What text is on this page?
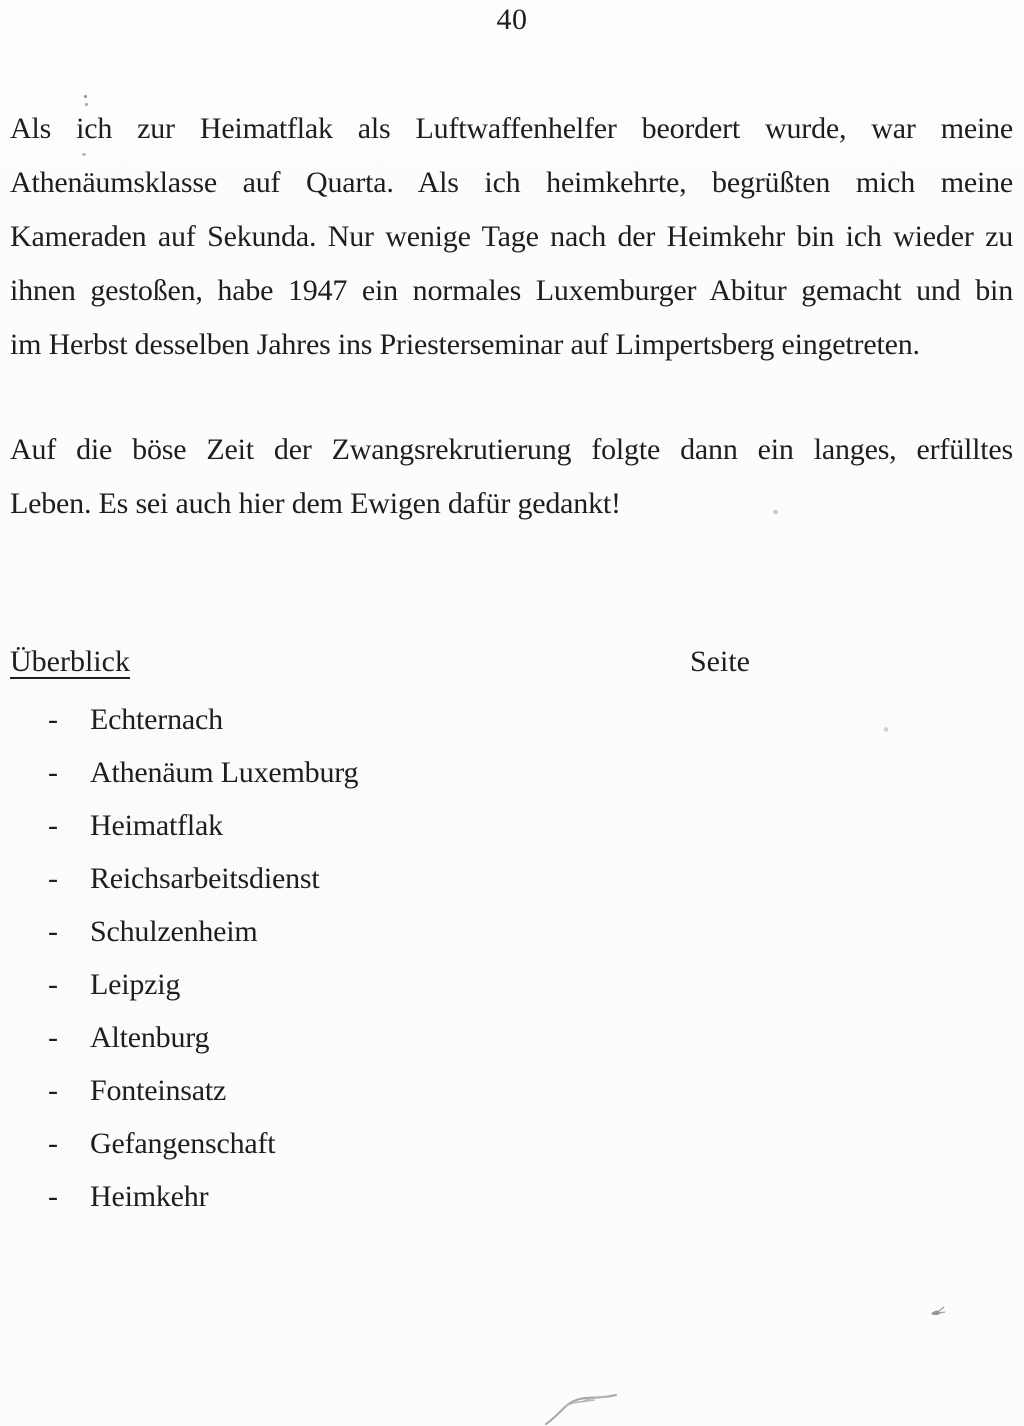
40
Als ich zur Heimatflak als Luftwaffenhelfer beordert wurde, war meine
Athenäumsklasse auf Quarta. Als ich heimkehrte, begrüßten mich meine
Kameraden auf Sekunda. Nur wenige Tage nach der Heimkehr bin ich wieder zu
ihnen gestoßen, habe 1947 ein normales Luxemburger Abitur gemacht und bin
im Herbst desselben Jahres ins Priesterseminar auf Limpertsberg eingetreten.
Auf die böse Zeit der Zwangsrekrutierung folgte dann ein langes, erfülltes
Leben. Es sei auch hier dem Ewigen dafür gedankt!
Überblick	Seite
- Echternach
- Athenäum Luxemburg
- Heimatflak
- Reichsarbeitsdienst
- Schulzenheim
- Leipzig
- Altenburg
- Fonteinsatz
- Gefangenschaft
- Heimkehr
